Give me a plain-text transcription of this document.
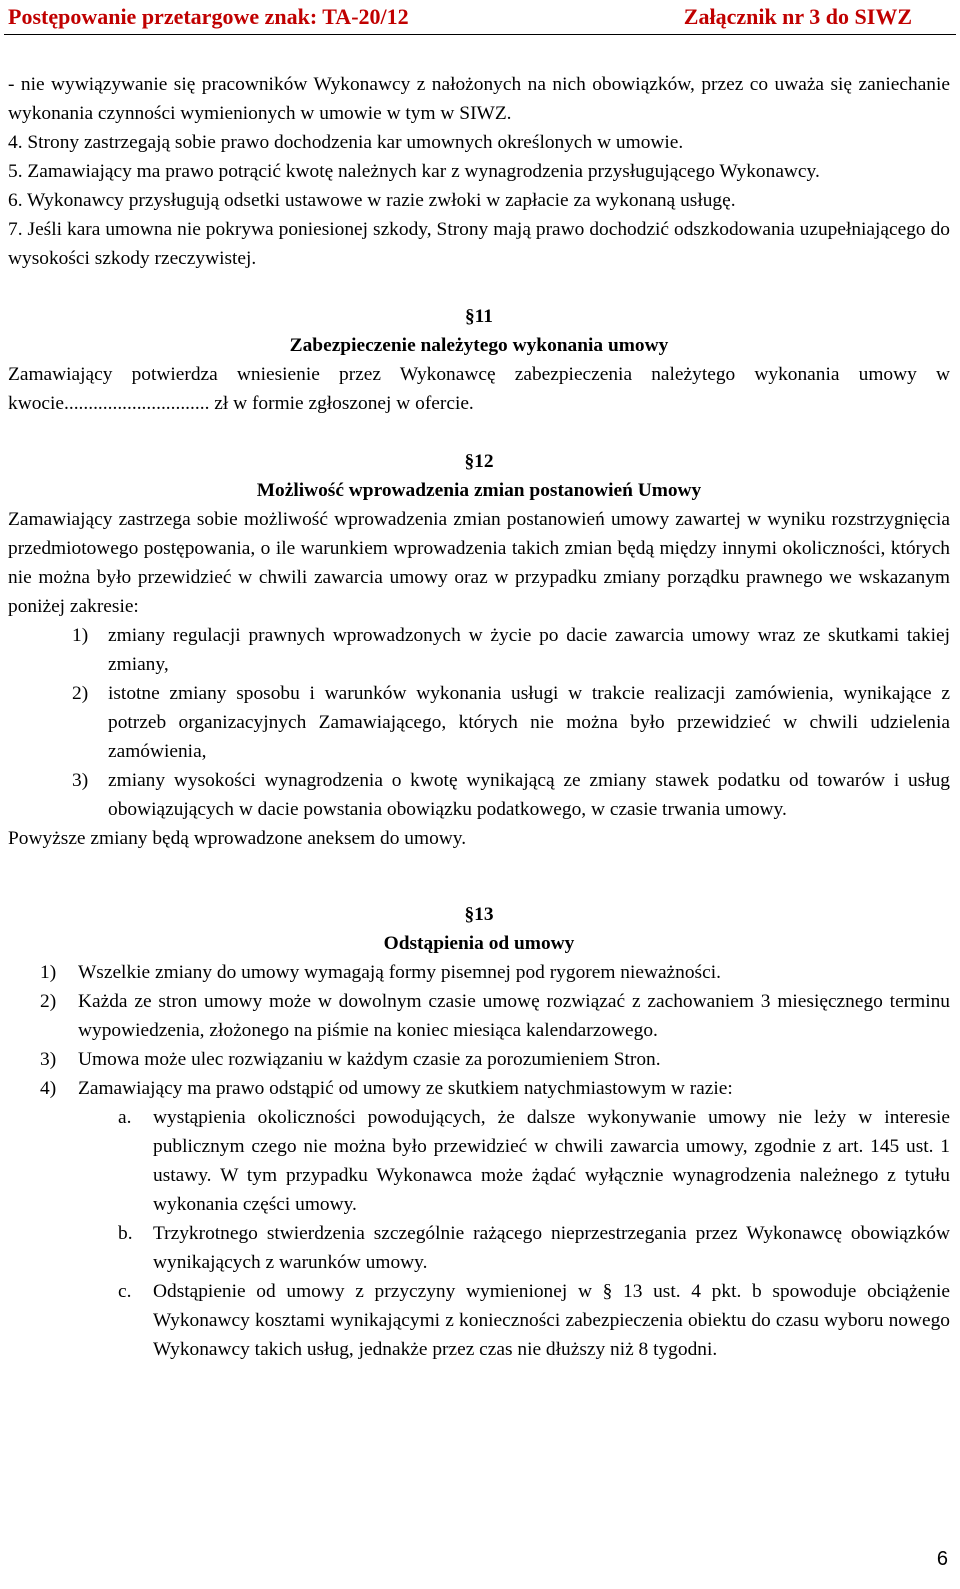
Postępowanie przetargowe znak: TA-20/12	Załącznik nr 3 do SIWZ

- nie wywiązywanie się pracowników Wykonawcy z nałożonych na nich obowiązków, przez co uważa się zaniechanie wykonania czynności wymienionych w umowie w tym w SIWZ.

4. Strony zastrzegają sobie prawo dochodzenia kar umownych określonych w umowie.

5. Zamawiający ma prawo potrącić kwotę należnych kar z wynagrodzenia przysługującego Wykonawcy.

6. Wykonawcy przysługują odsetki ustawowe w razie zwłoki w zapłacie za wykonaną usługę.

7. Jeśli kara umowna nie pokrywa poniesionej szkody, Strony mają prawo dochodzić odszkodowania uzupełniającego do wysokości szkody rzeczywistej.

§11

Zabezpieczenie należytego wykonania umowy

Zamawiający potwierdza wniesienie przez Wykonawcę zabezpieczenia należytego wykonania umowy w kwocie.............................. zł w formie zgłoszonej w ofercie.

§12

Możliwość wprowadzenia zmian postanowień Umowy

Zamawiający zastrzega sobie możliwość wprowadzenia zmian postanowień umowy zawartej w wyniku rozstrzygnięcia przedmiotowego postępowania, o ile warunkiem wprowadzenia takich zmian będą między innymi okoliczności, których nie można było przewidzieć w chwili zawarcia umowy oraz w przypadku zmiany porządku prawnego we wskazanym poniżej zakresie:

1) zmiany regulacji prawnych wprowadzonych w życie po dacie zawarcia umowy wraz ze skutkami takiej zmiany,
2) istotne zmiany sposobu i warunków wykonania usługi w trakcie realizacji zamówienia, wynikające z potrzeb organizacyjnych Zamawiającego, których nie można było przewidzieć w chwili udzielenia zamówienia,
3) zmiany wysokości wynagrodzenia o kwotę wynikającą ze zmiany stawek podatku od towarów i usług obowiązujących w dacie powstania obowiązku podatkowego, w czasie trwania umowy.

Powyższe zmiany będą wprowadzone aneksem do umowy.

§13

Odstąpienia od umowy

1) Wszelkie zmiany do umowy wymagają formy pisemnej pod rygorem nieważności.
2) Każda ze stron umowy może w dowolnym czasie umowę rozwiązać z zachowaniem 3 miesięcznego terminu wypowiedzenia, złożonego na piśmie na koniec miesiąca kalendarzowego.
3) Umowa może ulec rozwiązaniu w każdym czasie za porozumieniem Stron.
4) Zamawiający ma prawo odstąpić od umowy ze skutkiem natychmiastowym w razie:
a. wystąpienia okoliczności powodujących, że dalsze wykonywanie umowy nie leży w interesie publicznym czego nie można było przewidzieć w chwili zawarcia umowy, zgodnie z art. 145 ust. 1 ustawy. W tym przypadku Wykonawca może żądać wyłącznie wynagrodzenia należnego z tytułu wykonania części umowy.
b. Trzykrotnego stwierdzenia szczególnie rażącego nieprzestrzegania przez Wykonawcę obowiązków wynikających z warunków umowy.
c. Odstąpienie od umowy z przyczyny wymienionej w § 13 ust. 4 pkt. b spowoduje obciążenie Wykonawcy kosztami wynikającymi z konieczności zabezpieczenia obiektu do czasu wyboru nowego Wykonawcy takich usług, jednakże przez czas nie dłuższy niż 8 tygodni.
6
